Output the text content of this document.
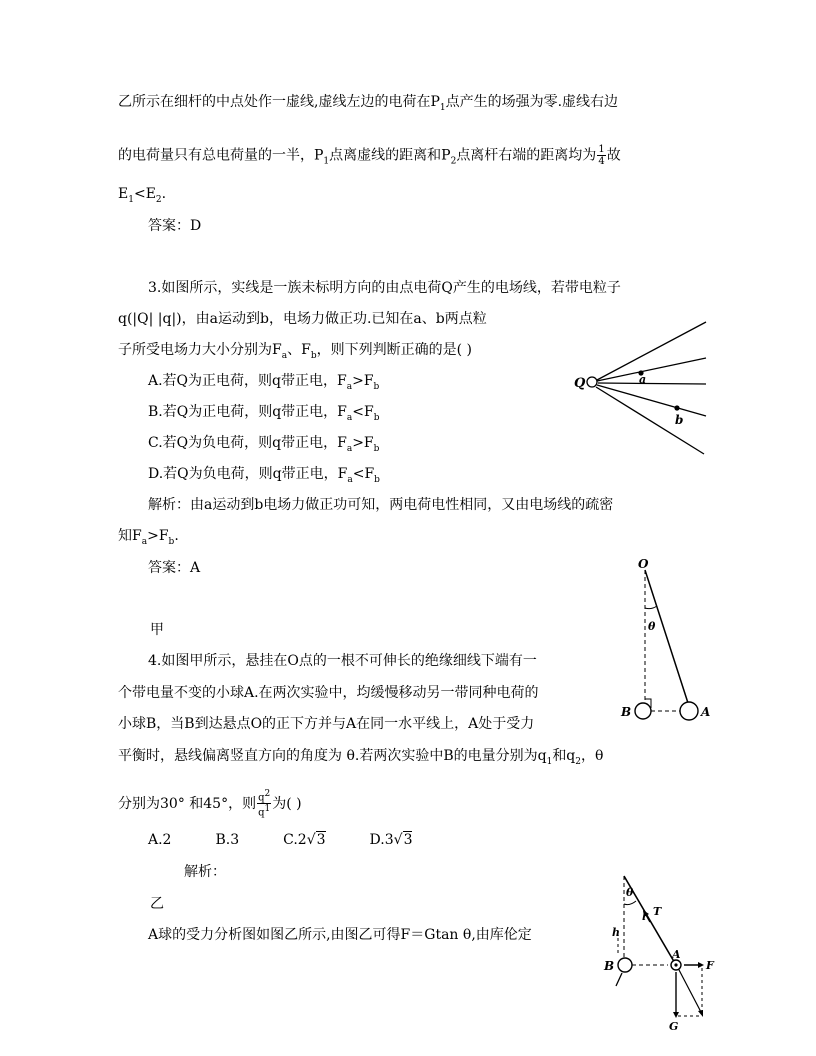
乙所示在细杆的中点处作一虚线,虚线左边的电荷在$P_1$点产生的场强为零.虚线右边
的电荷量只有总电荷量的一半，$P_1$点离虚线的距离和$P_2$点离杆右端的距离均为 $\frac{1}{4}$ 故
$E_1<E_2$.
答案：D
3.如图所示，实线是一族未标明方向的由点电荷Q产生的电场线，若带电粒子
q(|Q| |q|)，由a运动到b，电场力做正功.已知在a、b两点粒
子所受电场力大小分别为$F_a$、$F_b$，则下列判断正确的是( )
A.若Q为正电荷，则q带正电，$F_a>F_b$
B.若Q为正电荷，则q带正电，$F_a<F_b$
C.若Q为负电荷，则q带正电，$F_a>F_b$
D.若Q为负电荷，则q带正电，$F_a<F_b$
解析：由a运动到b电场力做正功可知，两电荷电性相同，又由电场线的疏密
知$F_a>F_b$.
答案：A
Q	a
b
甲
4.如图甲所示，悬挂在O点的一根不可伸长的绝缘细线下端有一
个带电量不变的小球A.在两次实验中，均缓慢移动另一带同种电荷的
小球B，当B到达悬点O的正下方并与A在同一水平线上，A处于受力
平衡时，悬线偏离竖直方向的角度为 θ.若两次实验中B的电量分别为$q_1$和$q_2$，θ
分别为30° 和45°，则 $\frac{q^2}{q^1}$ 为( )
A.2	B.3	C.2√3	D.3√3
解析：
乙
A球的受力分析图如图乙所示,由图乙可得F＝Gtan θ,由库伦定
O
θ
B	A
θ
l T
h
B
A
F
G
